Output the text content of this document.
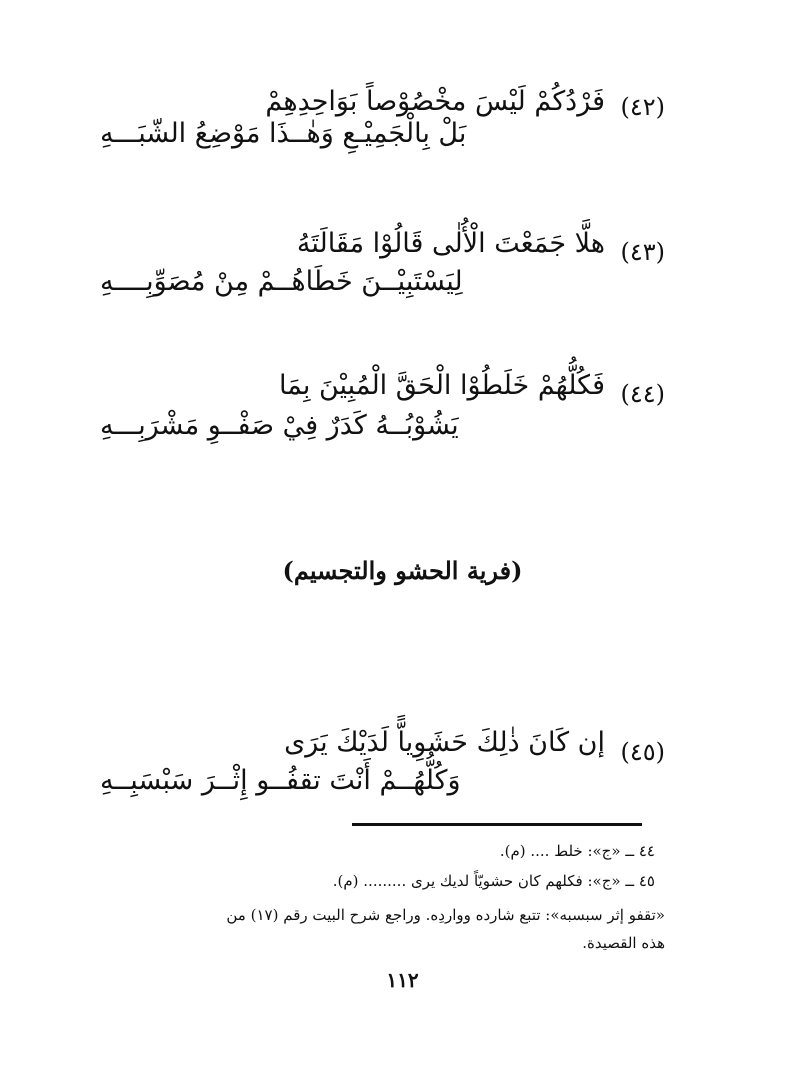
(٤٢)
فَرْدُكُمْ لَيْسَ مخْصُوْصاً بَوَاحِدِهِمْ
بَلْ بِالْجَمِيْـعِ وَهٰــذَا مَوْضِعُ الشّبَـــهِ
(٤٣)
هلَّا جَمَعْتَ الْأُلٰى قَالُوْا مَقَالَتَهُ
لِيَسْتَبِيْــنَ خَطَاهُــمْ مِنْ مُصَوِّبِــــهِ
(٤٤)
فَكُلُّهُمْ خَلَطُوْا الْحَقَّ الْمُبِيْنَ بِمَا
يَشُوْبُــهُ كَدَرٌ فِيْ صَفْــوِ مَشْرَبِـــهِ
(فرية الحشو والتجسيم)
(٤٥)
إن كَانَ ذٰلِكَ حَشَوِياًّ لَدَيْكَ يَرَى
وَكُلُّهُــمْ أَنْتَ تقفُــو إِثْــرَ سَبْسَبِــهِ
٤٤ ــ «ج»: خلط .... (م).
٤٥ ــ «ج»: فكلهم كان حشويّاً لديك يرى ......... (م).
«تقفو إثر سبسبه»: تتبع شارده وواردِه. وراجع شرح البيت رقم (١٧) من
هذه القصيدة.
١١٢
